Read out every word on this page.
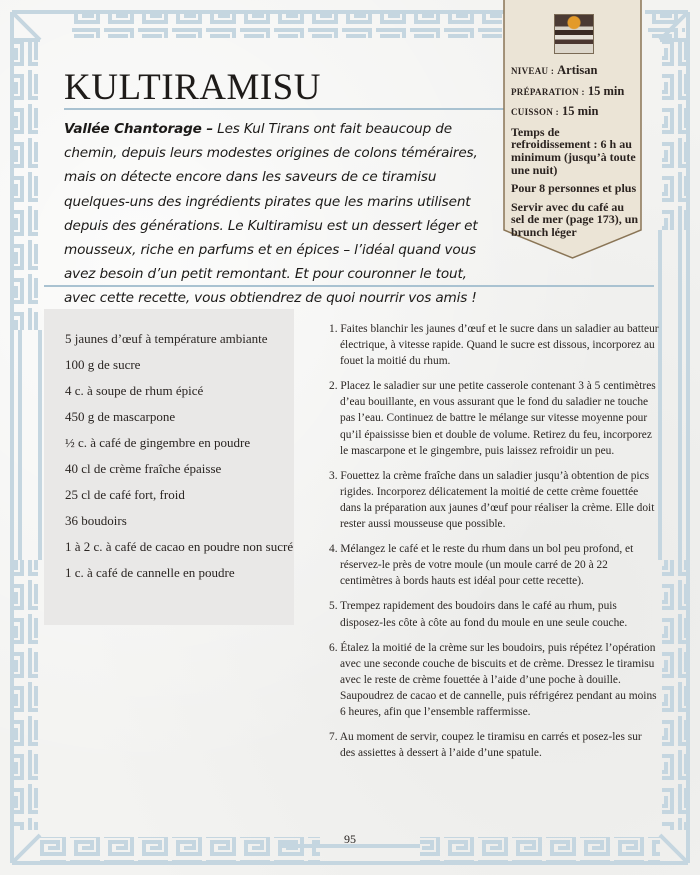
KULTIRAMISU

Vallée Chantorage – Les Kul Tirans ont fait beaucoup de chemin, depuis leurs modestes origines de colons téméraires, mais on détecte encore dans les saveurs de ce tiramisu quelques-uns des ingrédients pirates que les marins utilisent depuis des générations. Le Kultiramisu est un dessert léger et mousseux, riche en parfums et en épices – l’idéal quand vous avez besoin d’un petit remontant. Et pour couronner le tout, avec cette recette, vous obtiendrez de quoi nourrir vos amis !

NIVEAU : Artisan
PRÉPARATION : 15 min
CUISSON : 15 min
Temps de refroidissement : 6 h au minimum (jusqu’à toute une nuit)
Pour 8 personnes et plus
Servir avec du café au sel de mer (page 173), un brunch léger
5 jaunes d’œuf à température ambiante
100 g de sucre
4 c. à soupe de rhum épicé
450 g de mascarpone
½ c. à café de gingembre en poudre
40 cl de crème fraîche épaisse
25 cl de café fort, froid
36 boudoirs
1 à 2 c. à café de cacao en poudre non sucré
1 c. à café de cannelle en poudre
1. Faites blanchir les jaunes d’œuf et le sucre dans un saladier au batteur électrique, à vitesse rapide. Quand le sucre est dissous, incorporez au fouet la moitié du rhum.
2. Placez le saladier sur une petite casserole contenant 3 à 5 centimètres d’eau bouillante, en vous assurant que le fond du saladier ne touche pas l’eau. Continuez de battre le mélange sur vitesse moyenne pour qu’il épaississe bien et double de volume. Retirez du feu, incorporez le mascarpone et le gingembre, puis laissez refroidir un peu.
3. Fouettez la crème fraîche dans un saladier jusqu’à obtention de pics rigides. Incorporez délicatement la moitié de cette crème fouettée dans la préparation aux jaunes d’œuf pour réaliser la crème. Elle doit rester aussi mousseuse que possible.
4. Mélangez le café et le reste du rhum dans un bol peu profond, et réservez-le près de votre moule (un moule carré de 20 à 22 centimètres à bords hauts est idéal pour cette recette).
5. Trempez rapidement des boudoirs dans le café au rhum, puis disposez-les côte à côte au fond du moule en une seule couche.
6. Étalez la moitié de la crème sur les boudoirs, puis répétez l’opération avec une seconde couche de biscuits et de crème. Dressez le tiramisu avec le reste de crème fouettée à l’aide d’une poche à douille. Saupoudrez de cacao et de cannelle, puis réfrigérez pendant au moins 6 heures, afin que l’ensemble raffermisse.
7. Au moment de servir, coupez le tiramisu en carrés et posez-les sur des assiettes à dessert à l’aide d’une spatule.
95
